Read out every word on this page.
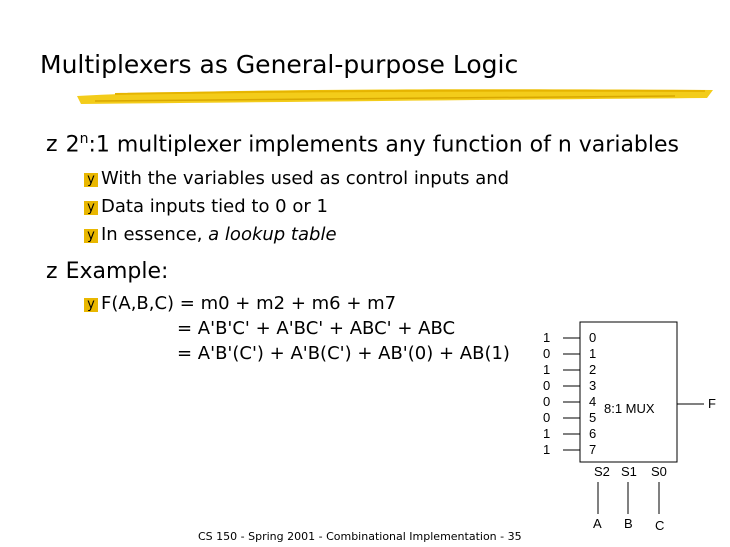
Multiplexers as General-purpose Logic
z 2$^n$:1 multiplexer implements any function of n variables
y With the variables used as control inputs and
y Data inputs tied to 0 or 1
y In essence, a lookup table
z Example:
y F(A,B,C) = m0 + m2 + m6 + m7
= A'B'C' + A'BC' + ABC' + ABC
= A'B'(C') + A'B(C') + AB'(0) + AB(1)
F
8:1 MUX
1	0
0	1
1	2
0	3
0	4
0	5
1	6
1	7
S2 S1 S0
A B C
CS 150 - Spring 2001 - Combinational Implementation - 35
